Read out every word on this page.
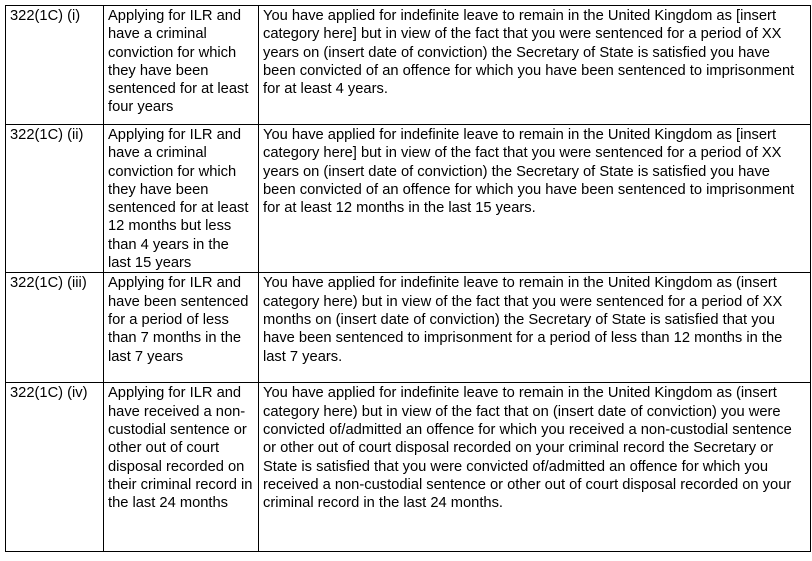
322(1C) (i)	Applying for ILR and have a criminal conviction for which they have been sentenced for at least four years	You have applied for indefinite leave to remain in the United Kingdom as [insert category here] but in view of the fact that you were sentenced for a period of XX years on (insert date of conviction) the Secretary of State is satisfied you have been convicted of an offence for which you have been sentenced to imprisonment for at least 4 years.
322(1C) (ii)	Applying for ILR and have a criminal conviction for which they have been sentenced for at least 12 months but less than 4 years in the last 15 years	You have applied for indefinite leave to remain in the United Kingdom as [insert category here] but in view of the fact that you were sentenced for a period of XX years on (insert date of conviction) the Secretary of State is satisfied you have been convicted of an offence for which you have been sentenced to imprisonment for at least 12 months in the last 15 years.
322(1C) (iii)	Applying for ILR and have been sentenced for a period of less than 7 months in the last 7 years	You have applied for indefinite leave to remain in the United Kingdom as (insert category here) but in view of the fact that you were sentenced for a period of XX months on (insert date of conviction) the Secretary of State is satisfied that you have been sentenced to imprisonment for a period of less than 12 months in the last 7 years.
322(1C) (iv)	Applying for ILR and have received a non-custodial sentence or other out of court disposal recorded on their criminal record in the last 24 months	You have applied for indefinite leave to remain in the United Kingdom as (insert category here) but in view of the fact that on (insert date of conviction) you were convicted of/admitted an offence for which you received a non-custodial sentence or other out of court disposal recorded on your criminal record the Secretary or State is satisfied that you were convicted of/admitted an offence for which you received a non-custodial sentence or other out of court disposal recorded on your criminal record in the last 24 months.
